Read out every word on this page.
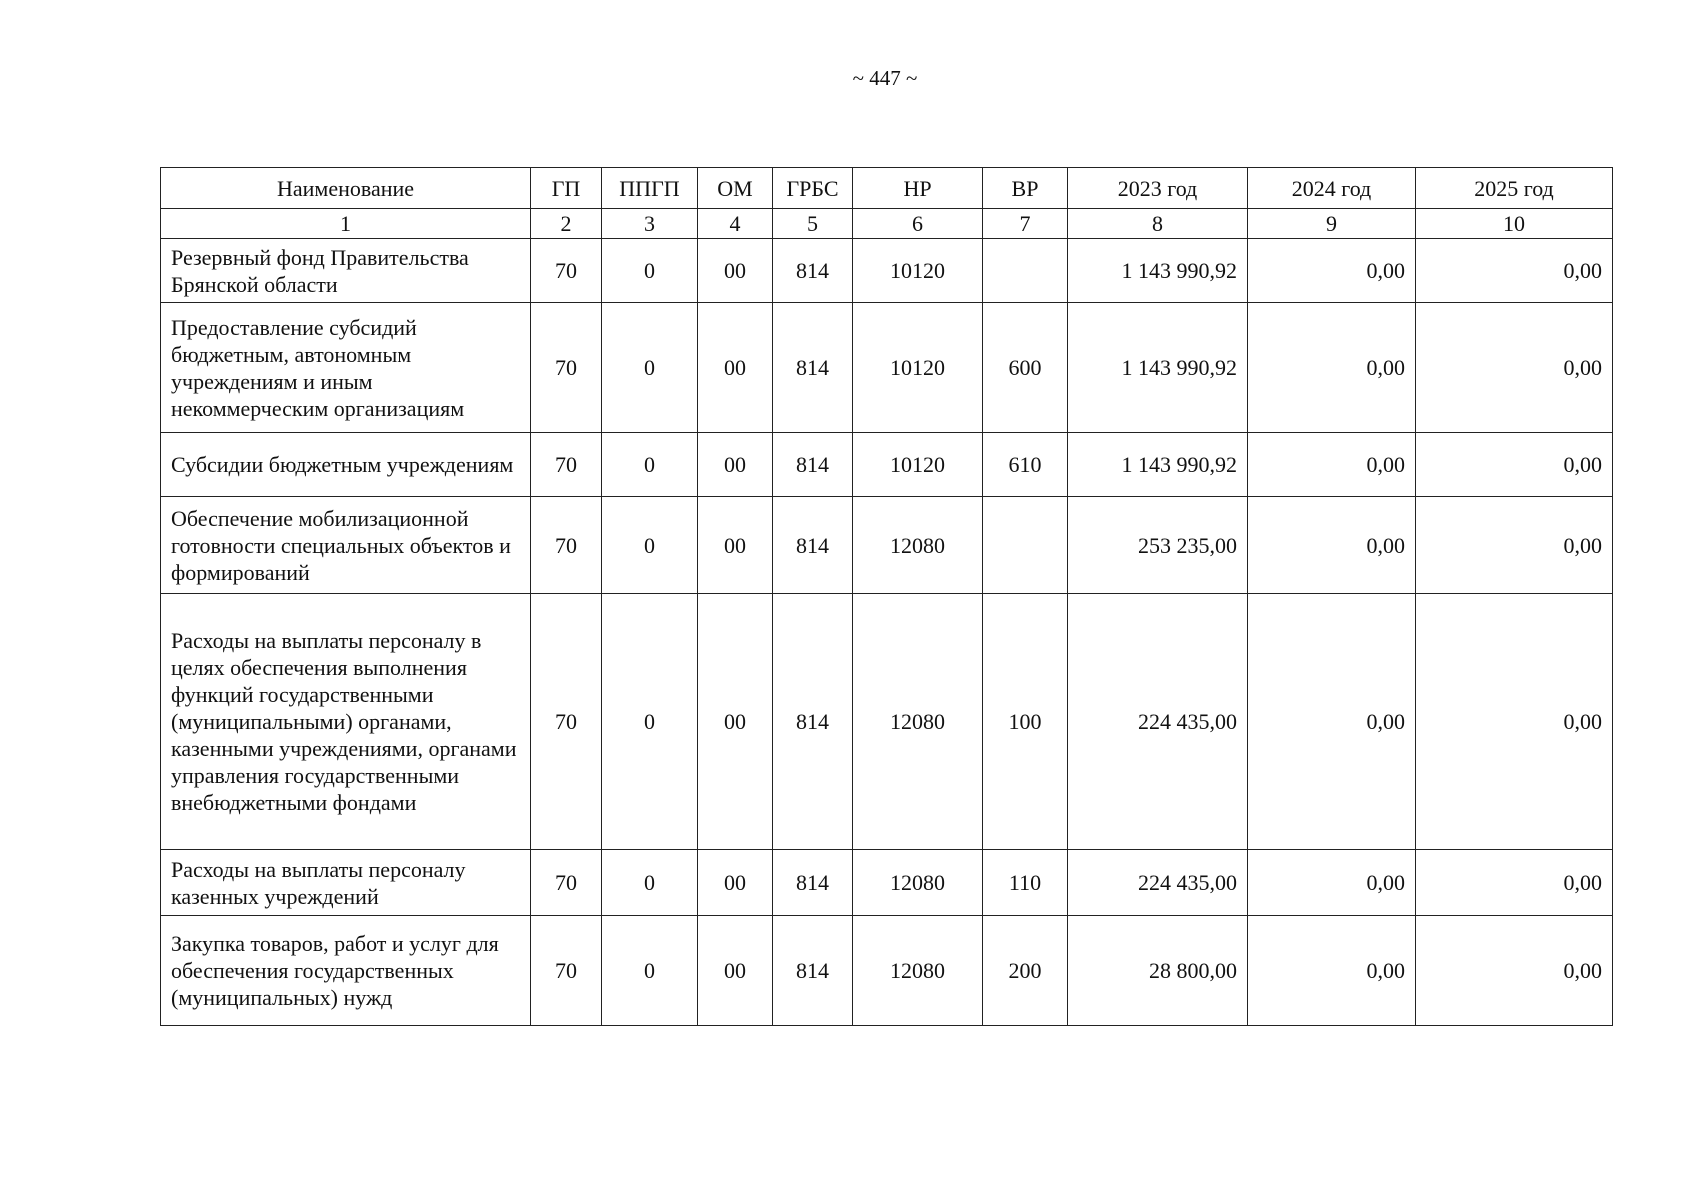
~ 447 ~
Наименование	ГП	ППГП	ОМ	ГРБС	НР	ВР	2023 год	2024 год	2025 год
1	2	3	4	5	6	7	8	9	10
Резервный фонд Правительства Брянской области	70	0	00	814	10120		1 143 990,92	0,00	0,00
Предоставление субсидий бюджетным, автономным учреждениям и иным некоммерческим организациям	70	0	00	814	10120	600	1 143 990,92	0,00	0,00
Субсидии бюджетным учреждениям	70	0	00	814	10120	610	1 143 990,92	0,00	0,00
Обеспечение мобилизационной готовности специальных объектов и формирований	70	0	00	814	12080		253 235,00	0,00	0,00
Расходы на выплаты персоналу в целях обеспечения выполнения функций государственными (муниципальными) органами, казенными учреждениями, органами управления государственными внебюджетными фондами	70	0	00	814	12080	100	224 435,00	0,00	0,00
Расходы на выплаты персоналу казенных учреждений	70	0	00	814	12080	110	224 435,00	0,00	0,00
Закупка товаров, работ и услуг для обеспечения государственных (муниципальных) нужд	70	0	00	814	12080	200	28 800,00	0,00	0,00
